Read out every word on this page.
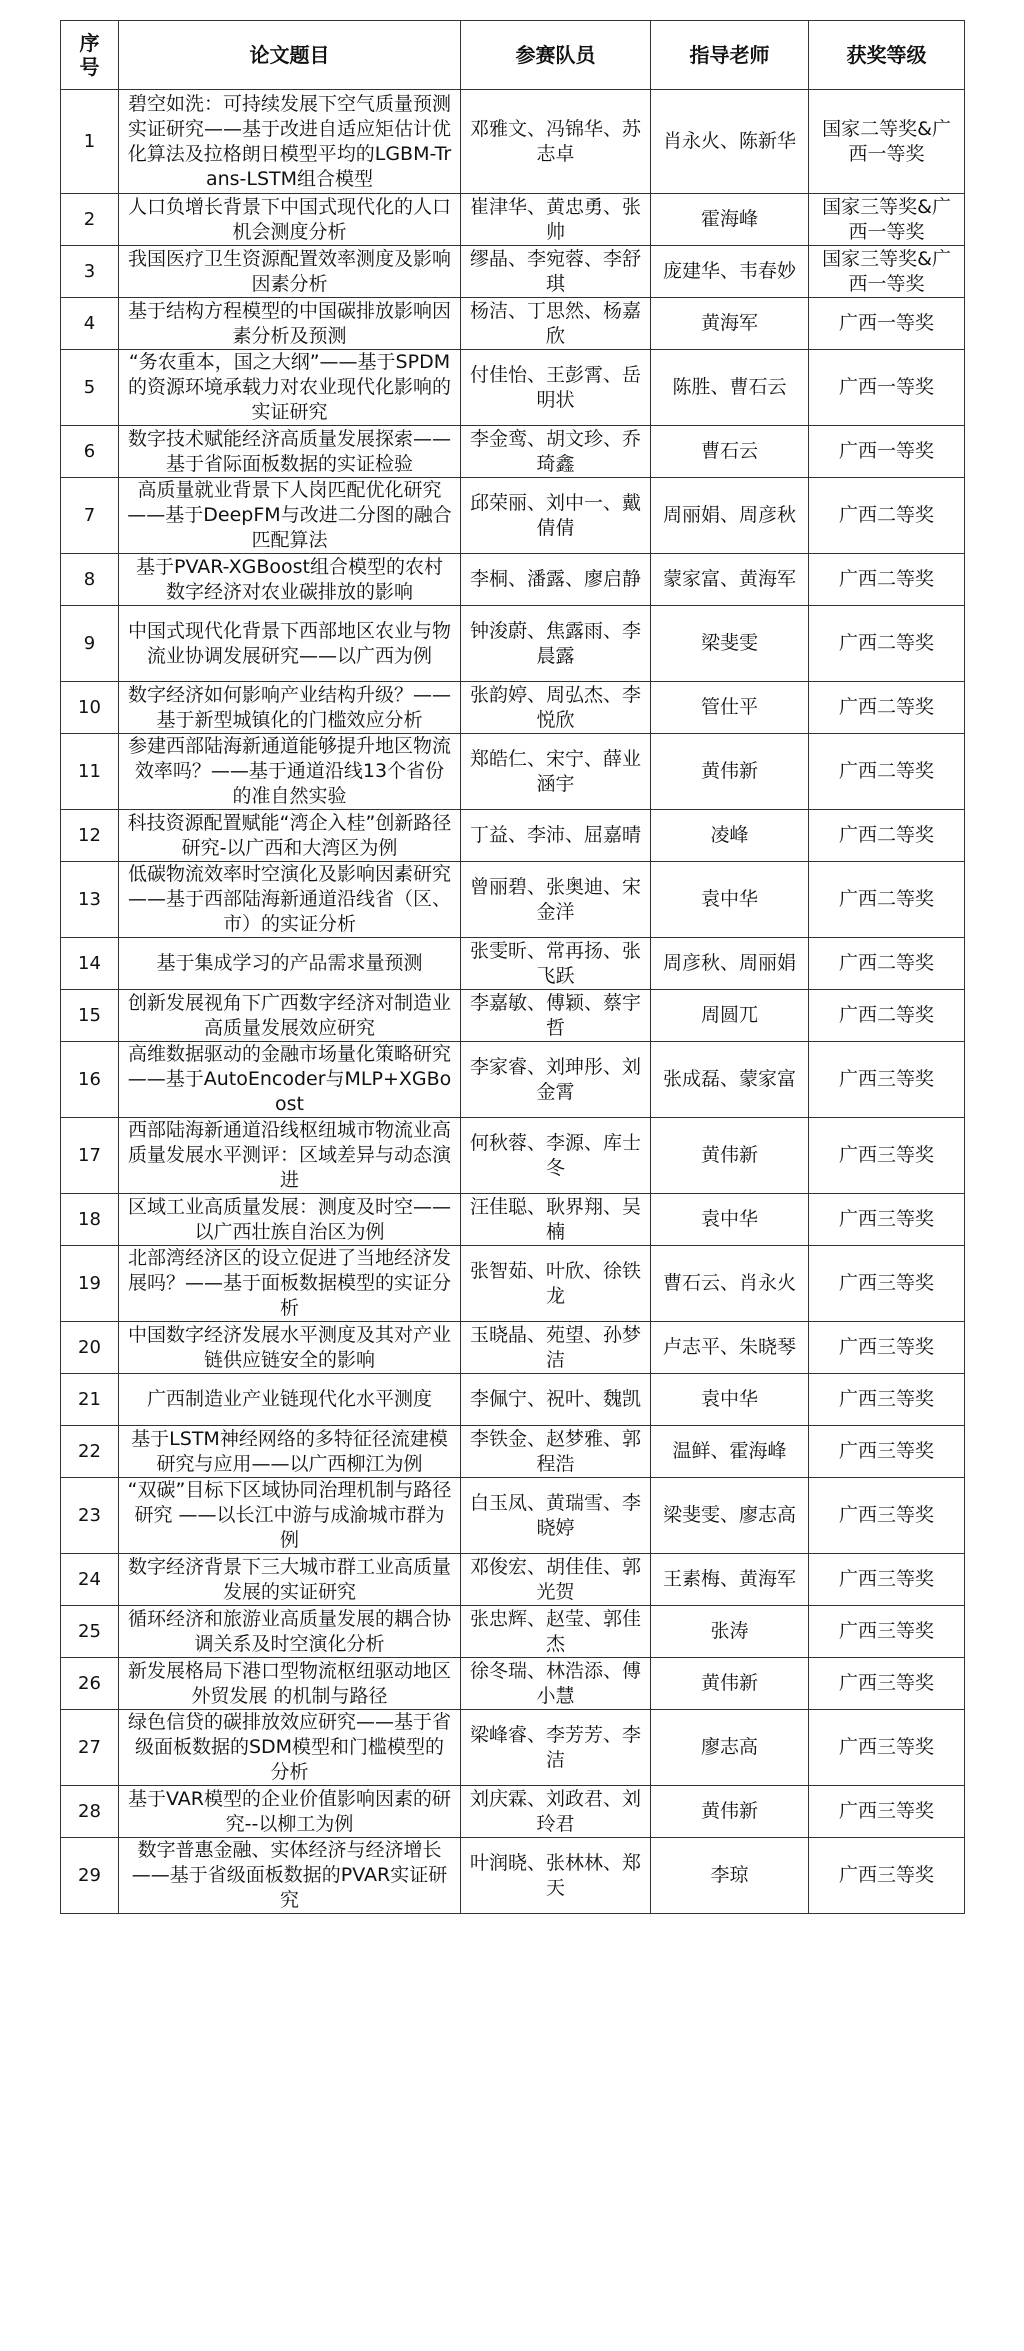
序号	论文题目	参赛队员	指导老师	获奖等级
1	碧空如洗：可持续发展下空气质量预测实证研究——基于改进自适应矩估计优化算法及拉格朗日模型平均的LGBM-Trans-LSTM组合模型	邓雅文、冯锦华、苏志卓	肖永火、陈新华	国家二等奖&广西一等奖
2	人口负增长背景下中国式现代化的人口机会测度分析	崔津华、黄忠勇、张帅	霍海峰	国家三等奖&广西一等奖
3	我国医疗卫生资源配置效率测度及影响因素分析	缪晶、李宛蓉、李舒琪	庞建华、韦春妙	国家三等奖&广西一等奖
4	基于结构方程模型的中国碳排放影响因素分析及预测	杨洁、丁思然、杨嘉欣	黄海军	广西一等奖
5	“务农重本，国之大纲”——基于SPDM的资源环境承载力对农业现代化影响的实证研究	付佳怡、王彭霄、岳明状	陈胜、曹石云	广西一等奖
6	数字技术赋能经济高质量发展探索——基于省际面板数据的实证检验	李金鸾、胡文珍、乔琦鑫	曹石云	广西一等奖
7	高质量就业背景下人岗匹配优化研究 ——基于DeepFM与改进二分图的融合匹配算法	邱荣丽、刘中一、戴倩倩	周丽娟、周彦秋	广西二等奖
8	基于PVAR-XGBoost组合模型的农村数字经济对农业碳排放的影响	李桐、潘露、廖启静	蒙家富、黄海军	广西二等奖
9	中国式现代化背景下西部地区农业与物流业协调发展研究——以广西为例	钟浚蔚、焦露雨、李晨露	梁斐雯	广西二等奖
10	数字经济如何影响产业结构升级？——基于新型城镇化的门槛效应分析	张韵婷、周弘杰、李悦欣	管仕平	广西二等奖
11	参建西部陆海新通道能够提升地区物流效率吗？——基于通道沿线13个省份的准自然实验	郑皓仁、宋宁、薛业涵宇	黄伟新	广西二等奖
12	科技资源配置赋能“湾企入桂”创新路径研究-以广西和大湾区为例	丁益、李沛、屈嘉晴	凌峰	广西二等奖
13	低碳物流效率时空演化及影响因素研究——基于西部陆海新通道沿线省（区、市）的实证分析	曾丽碧、张奥迪、宋金洋	袁中华	广西二等奖
14	基于集成学习的产品需求量预测	张雯昕、常再扬、张飞跃	周彦秋、周丽娟	广西二等奖
15	创新发展视角下广西数字经济对制造业高质量发展效应研究	李嘉敏、傅颖、蔡宇哲	周圆兀	广西二等奖
16	高维数据驱动的金融市场量化策略研究 ——基于AutoEncoder与MLP+XGBoost	李家睿、刘珅彤、刘金霄	张成磊、蒙家富	广西三等奖
17	西部陆海新通道沿线枢纽城市物流业高质量发展水平测评：区域差异与动态演进	何秋蓉、李源、库士冬	黄伟新	广西三等奖
18	区域工业高质量发展：测度及时空——以广西壮族自治区为例	汪佳聪、耿界翔、吴楠	袁中华	广西三等奖
19	北部湾经济区的设立促进了当地经济发展吗？——基于面板数据模型的实证分析	张智茹、叶欣、徐铁龙	曹石云、肖永火	广西三等奖
20	中国数字经济发展水平测度及其对产业链供应链安全的影响	玉晓晶、苑望、孙梦洁	卢志平、朱晓琴	广西三等奖
21	广西制造业产业链现代化水平测度	李佩宁、祝叶、魏凯	袁中华	广西三等奖
22	基于LSTM神经网络的多特征径流建模研究与应用——以广西柳江为例	李铁金、赵梦雅、郭程浩	温鲜、霍海峰	广西三等奖
23	“双碳”目标下区域协同治理机制与路径研究 ——以长江中游与成渝城市群为例	白玉凤、黄瑞雪、李晓婷	梁斐雯、廖志高	广西三等奖
24	数字经济背景下三大城市群工业高质量发展的实证研究	邓俊宏、胡佳佳、郭光贺	王素梅、黄海军	广西三等奖
25	循环经济和旅游业高质量发展的耦合协调关系及时空演化分析	张忠辉、赵莹、郭佳杰	张涛	广西三等奖
26	新发展格局下港口型物流枢纽驱动地区外贸发展 的机制与路径	徐冬瑞、林浩添、傅小慧	黄伟新	广西三等奖
27	绿色信贷的碳排放效应研究——基于省级面板数据的SDM模型和门槛模型的分析	梁峰睿、李芳芳、李洁	廖志高	广西三等奖
28	基于VAR模型的企业价值影响因素的研究--以柳工为例	刘庆霖、刘政君、刘玲君	黄伟新	广西三等奖
29	数字普惠金融、实体经济与经济增长——基于省级面板数据的PVAR实证研究	叶润晓、张林林、郑天	李琼	广西三等奖
